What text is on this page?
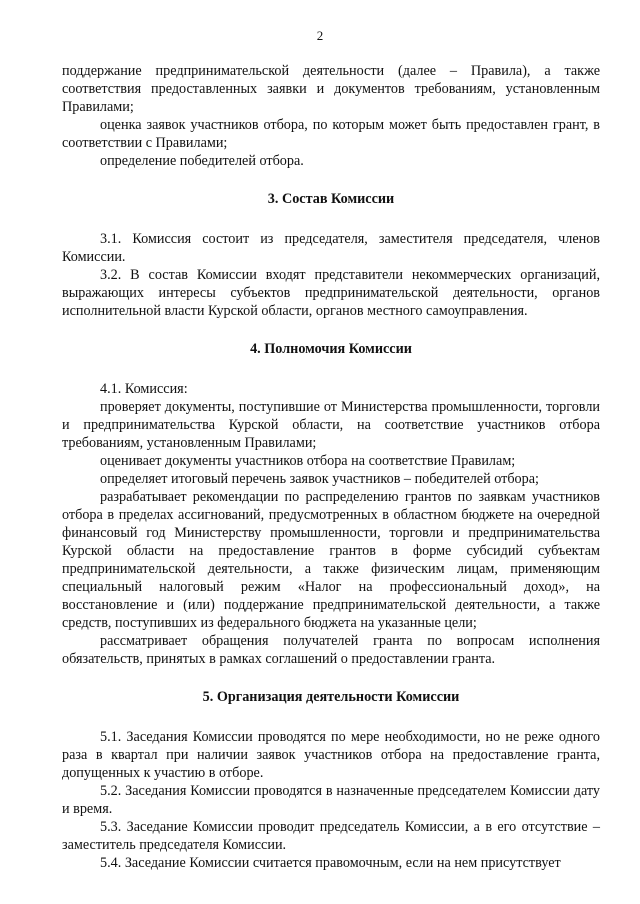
2

поддержание предпринимательской деятельности (далее – Правила), а также соответствия предоставленных заявки и документов требованиям, установленным Правилами;

оценка заявок участников отбора, по которым может быть предоставлен грант, в соответствии с Правилами;

определение победителей отбора.

3. Состав Комиссии

3.1. Комиссия состоит из председателя, заместителя председателя, членов Комиссии.

3.2. В состав Комиссии входят представители некоммерческих организаций, выражающих интересы субъектов предпринимательской деятельности, органов исполнительной власти Курской области, органов местного самоуправления.

4. Полномочия Комиссии

4.1. Комиссия:

проверяет документы, поступившие от Министерства промышленности, торговли и предпринимательства Курской области, на соответствие участников отбора требованиям, установленным Правилами;

оценивает документы участников отбора на соответствие Правилам;

определяет итоговый перечень заявок участников – победителей отбора;

разрабатывает рекомендации по распределению грантов по заявкам участников отбора в пределах ассигнований, предусмотренных в областном бюджете на очередной финансовый год Министерству промышленности, торговли и предпринимательства Курской области на предоставление грантов в форме субсидий субъектам предпринимательской деятельности, а также физическим лицам, применяющим специальный налоговый режим «Налог на профессиональный доход», на восстановление и (или) поддержание предпринимательской деятельности, а также средств, поступивших из федерального бюджета на указанные цели;

рассматривает обращения получателей гранта по вопросам исполнения обязательств, принятых в рамках соглашений о предоставлении гранта.

5. Организация деятельности Комиссии

5.1. Заседания Комиссии проводятся по мере необходимости, но не реже одного раза в квартал при наличии заявок участников отбора на предоставление гранта, допущенных к участию в отборе.

5.2. Заседания Комиссии проводятся в назначенные председателем Комиссии дату и время.

5.3. Заседание Комиссии проводит председатель Комиссии, а в его отсутствие – заместитель председателя Комиссии.

5.4. Заседание Комиссии считается правомочным, если на нем присутствует
